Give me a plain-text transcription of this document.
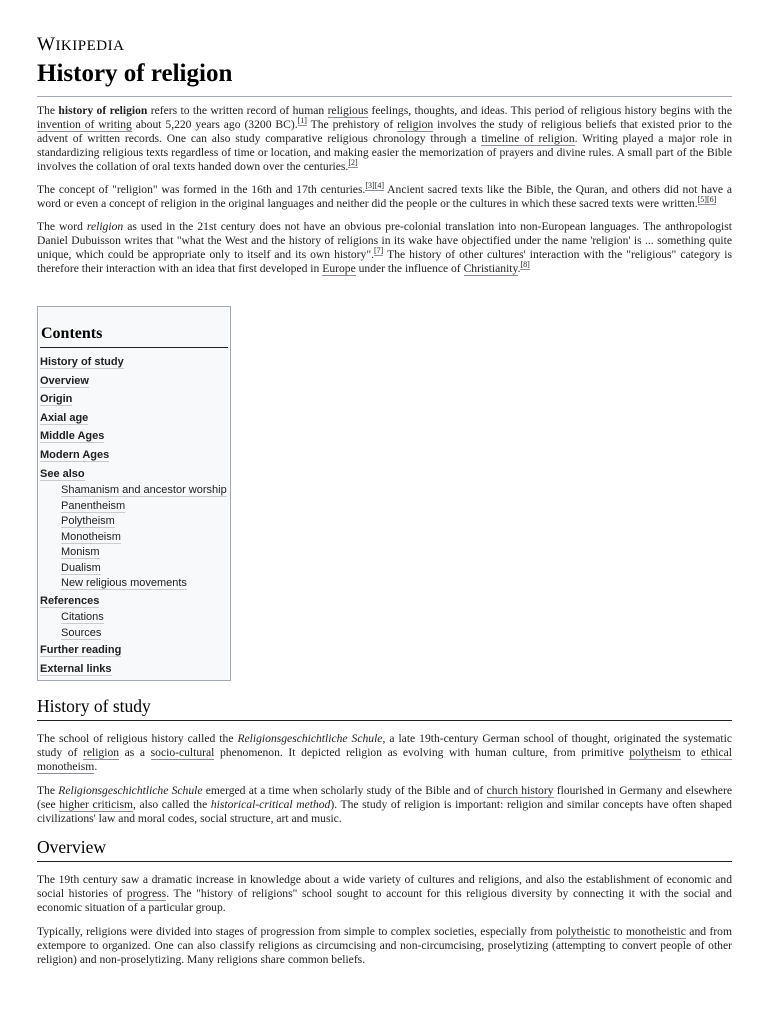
WIKIPEDIA
History of religion

The history of religion refers to the written record of human religious feelings, thoughts, and ideas. This period of religious history begins with the invention of writing about 5,220 years ago (3200 BC).[1] The prehistory of religion involves the study of religious beliefs that existed prior to the advent of written records. One can also study comparative religious chronology through a timeline of religion. Writing played a major role in standardizing religious texts regardless of time or location, and making easier the memorization of prayers and divine rules. A small part of the Bible involves the collation of oral texts handed down over the centuries.[2]

The concept of "religion" was formed in the 16th and 17th centuries.[3][4] Ancient sacred texts like the Bible, the Quran, and others did not have a word or even a concept of religion in the original languages and neither did the people or the cultures in which these sacred texts were written.[5][6]

The word religion as used in the 21st century does not have an obvious pre-colonial translation into non-European languages. The anthropologist Daniel Dubuisson writes that "what the West and the history of religions in its wake have objectified under the name 'religion' is ... something quite unique, which could be appropriate only to itself and its own history".[7] The history of other cultures' interaction with the "religious" category is therefore their interaction with an idea that first developed in Europe under the influence of Christianity.[8]

Contents
History of study
Overview
Origin
Axial age
Middle Ages
Modern Ages
See also
Shamanism and ancestor worship
Panentheism
Polytheism
Monotheism
Monism
Dualism
New religious movements
References
Citations
Sources
Further reading
External links
History of study

The school of religious history called the Religionsgeschichtliche Schule, a late 19th-century German school of thought, originated the systematic study of religion as a socio-cultural phenomenon. It depicted religion as evolving with human culture, from primitive polytheism to ethical monotheism.

The Religionsgeschichtliche Schule emerged at a time when scholarly study of the Bible and of church history flourished in Germany and elsewhere (see higher criticism, also called the historical-critical method). The study of religion is important: religion and similar concepts have often shaped civilizations' law and moral codes, social structure, art and music.

Overview

The 19th century saw a dramatic increase in knowledge about a wide variety of cultures and religions, and also the establishment of economic and social histories of progress. The "history of religions" school sought to account for this religious diversity by connecting it with the social and economic situation of a particular group.

Typically, religions were divided into stages of progression from simple to complex societies, especially from polytheistic to monotheistic and from extempore to organized. One can also classify religions as circumcising and non-circumcising, proselytizing (attempting to convert people of other religion) and non-proselytizing. Many religions share common beliefs.
